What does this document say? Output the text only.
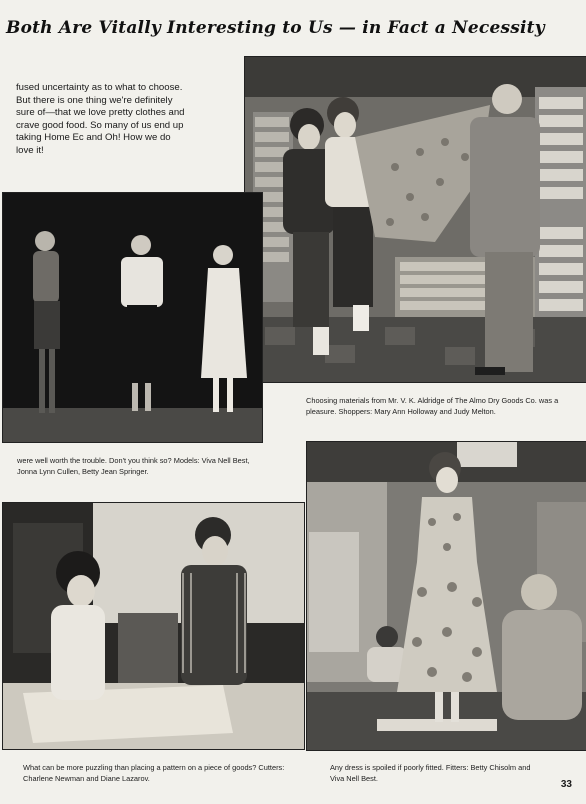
Both Are Vitally Interesting to Us — in Fact a Necessity
fused uncertainty as to what to choose. But there is one thing we're definitely sure of—that we love pretty clothes and crave good food. So many of us end up taking Home Ec and Oh! How we do love it!
Choosing materials from Mr. V. K. Aldridge of The Almo Dry Goods Co. was a pleasure. Shoppers: Mary Ann Holloway and Judy Melton.
were well worth the trouble. Don't you think so? Models: Viva Nell Best, Jonna Lynn Cullen, Betty Jean Springer.
What can be more puzzling than placing a pattern on a piece of goods? Cutters: Charlene Newman and Diane Lazarov.
Any dress is spoiled if poorly fitted. Fitters: Betty Chisolm and Viva Nell Best.
33
